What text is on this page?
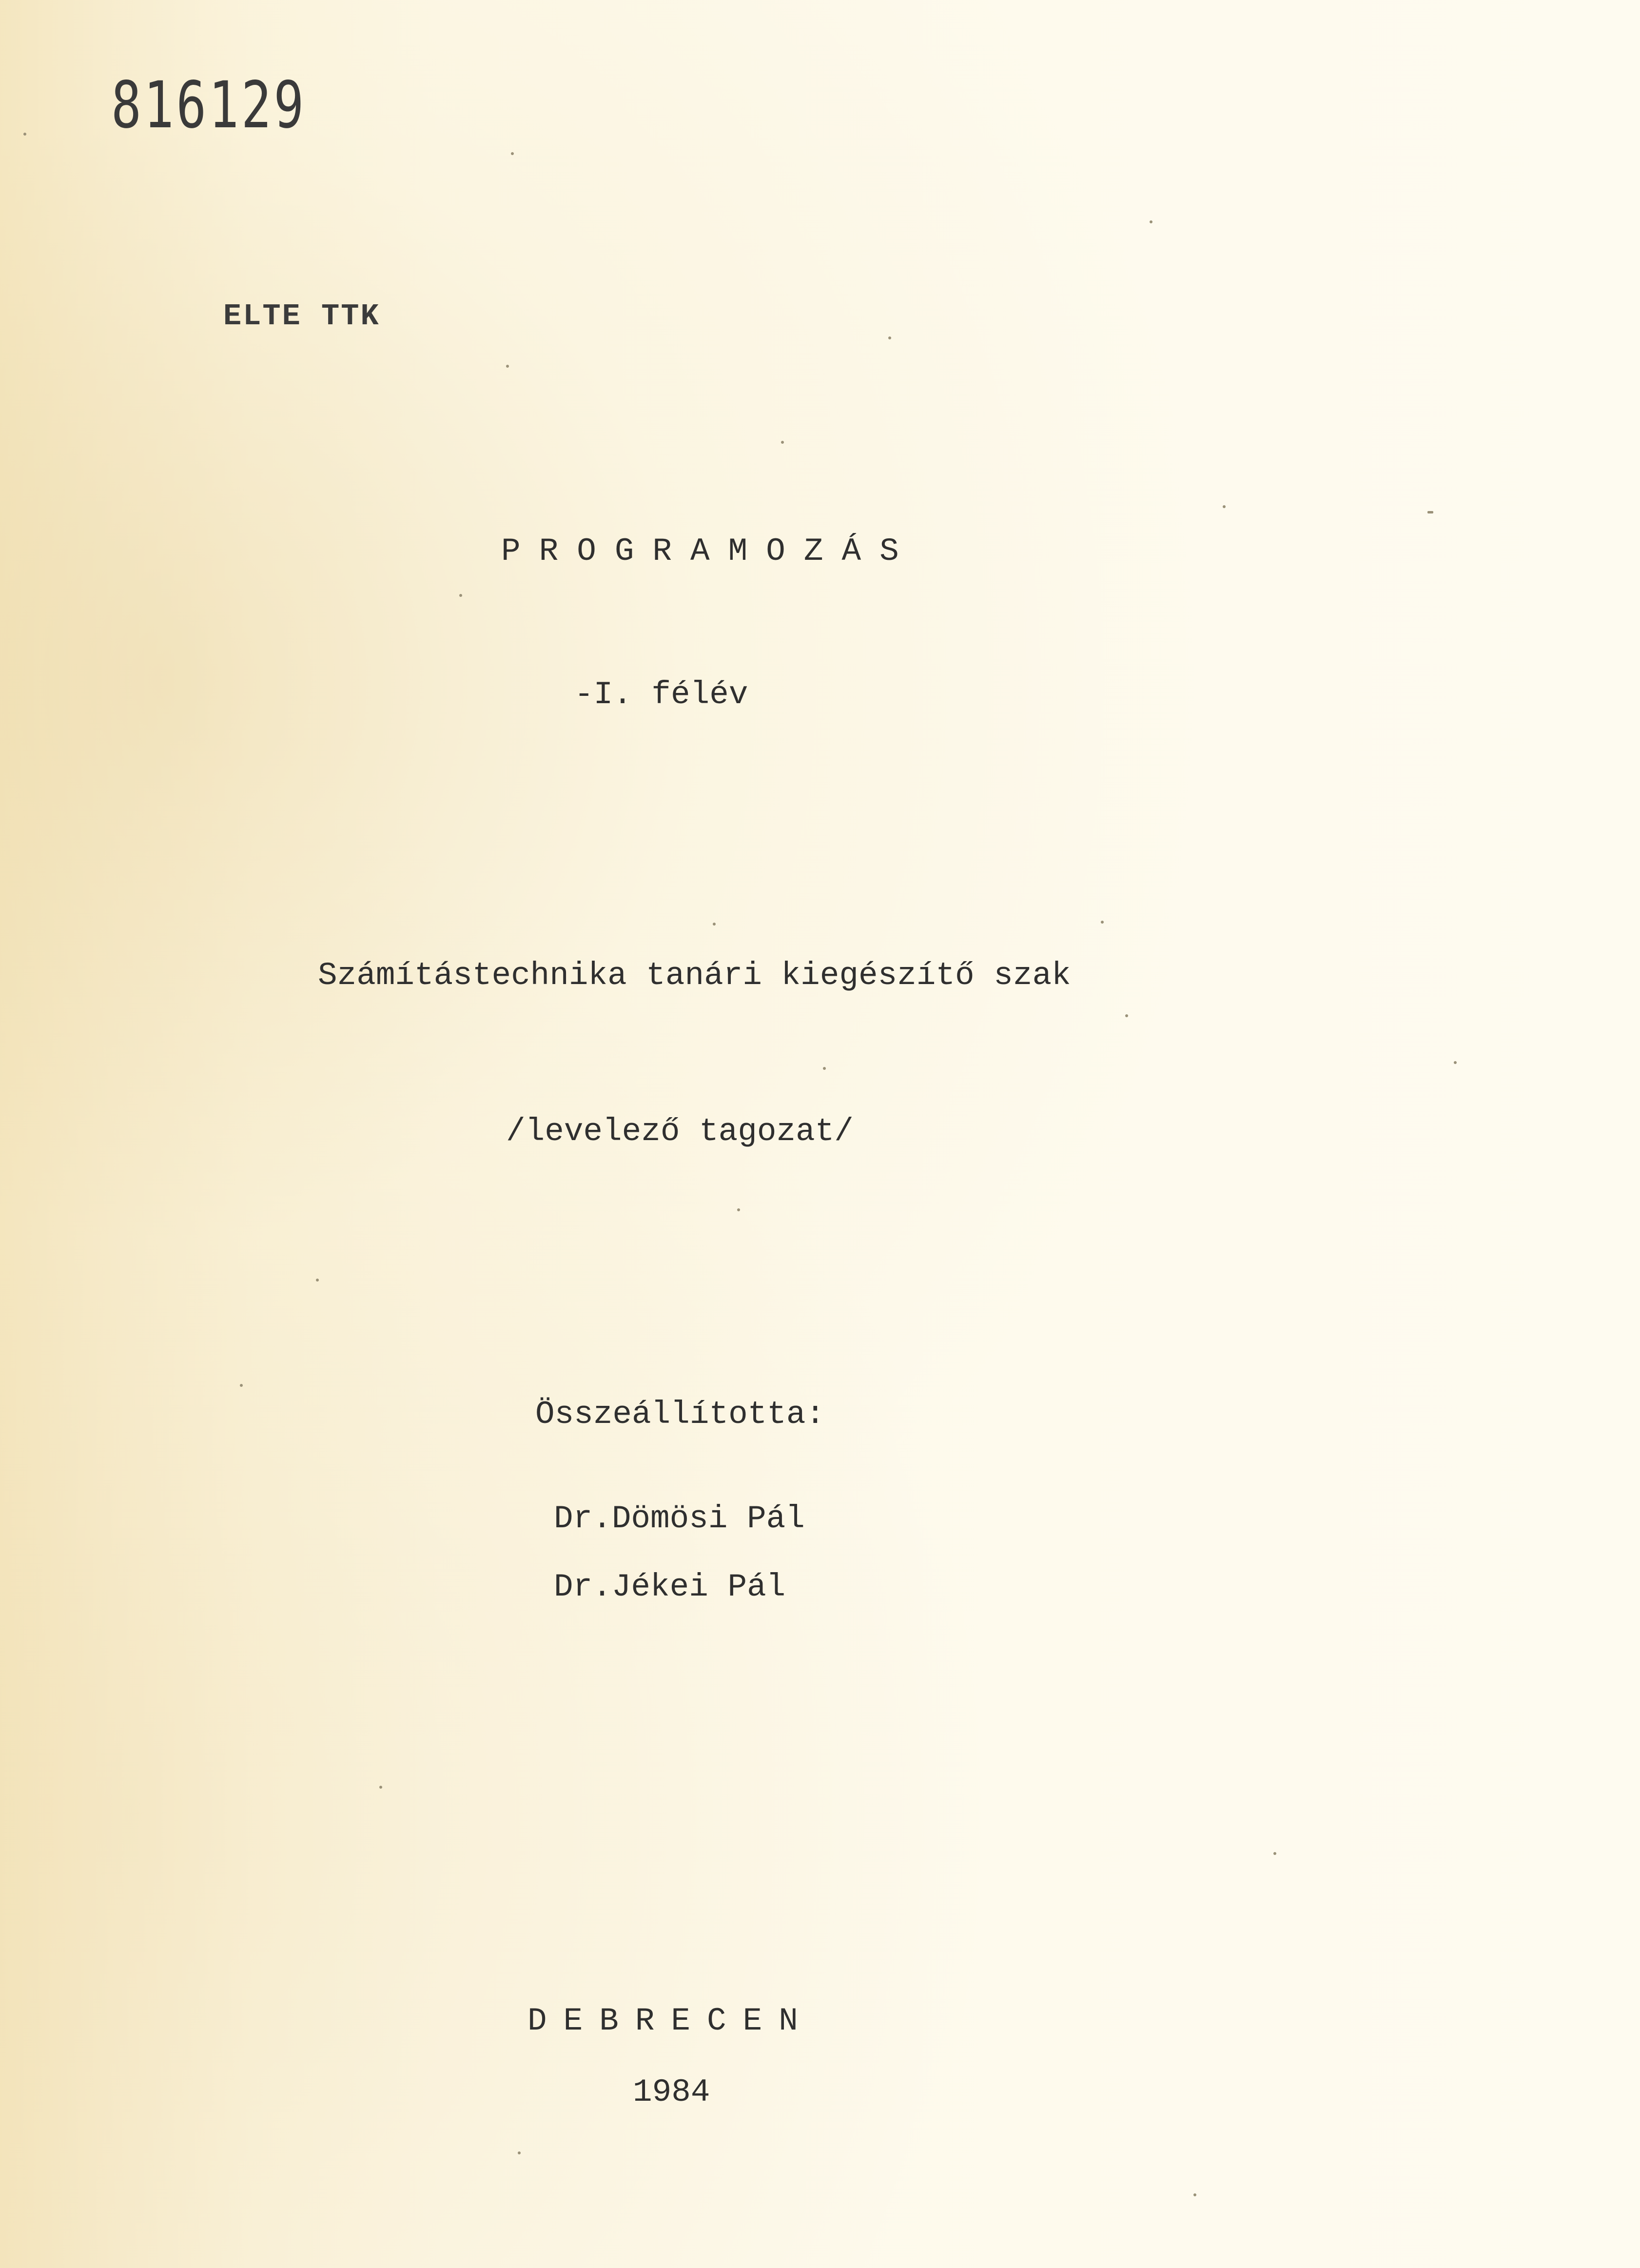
816129
ELTE TTK
PROGRAMOZÁS
-I. félév
Számítástechnika tanári kiegészítő szak
/levelező tagozat/
Összeállította:
Dr.Dömösi Pál
Dr.Jékei Pál
DEBRECEN
1984
